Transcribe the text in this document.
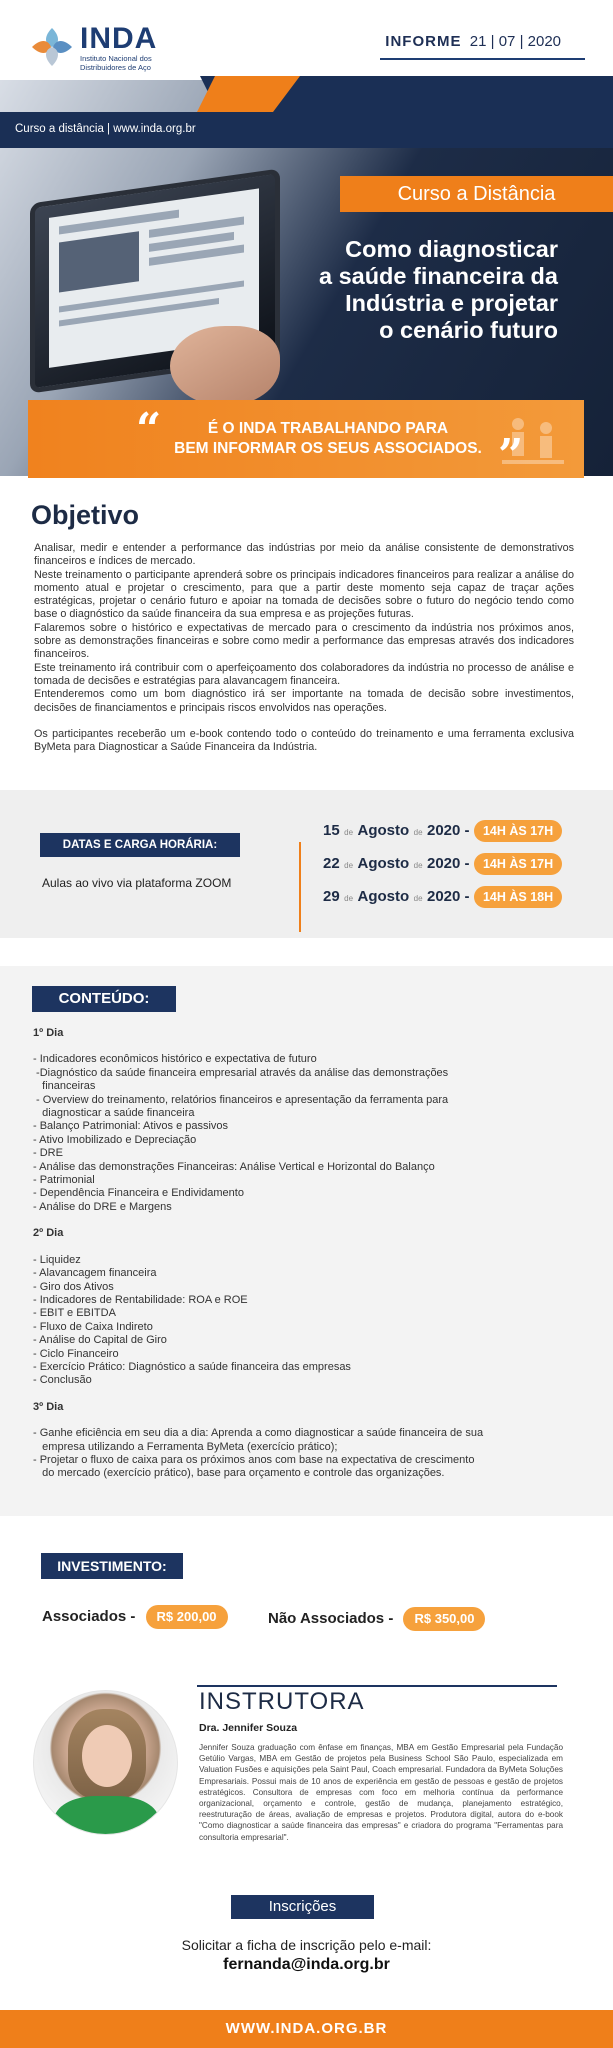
INDA
Instituto Nacional dos Distribuidores de Aço
INFORME 21 | 07 | 2020
Curso a distância | www.inda.org.br
Curso a Distância
Como diagnosticar
a saúde financeira da
Indústria e projetar
o cenário futuro
“	É O INDA TRABALHANDO PARA
BEM INFORMAR OS SEUS ASSOCIADOS. ”
Objetivo

Analisar, medir e entender a performance das indústrias por meio da análise consistente de demonstrativos financeiros e índices de mercado.

Neste treinamento o participante aprenderá sobre os principais indicadores financeiros para realizar a análise do momento atual e projetar o crescimento, para que a partir deste momento seja capaz de traçar ações estratégicas, projetar o cenário futuro e apoiar na tomada de decisões sobre o futuro do negócio tendo como base o diagnóstico da saúde financeira da sua empresa e as projeções futuras.

Falaremos sobre o histórico e expectativas de mercado para o crescimento da indústria nos próximos anos, sobre as demonstrações financeiras e sobre como medir a performance das empresas através dos indicadores financeiros.

Este treinamento irá contribuir com o aperfeiçoamento dos colaboradores da indústria no processo de análise e tomada de decisões e estratégias para alavancagem financeira.

Entenderemos como um bom diagnóstico irá ser importante na tomada de decisão sobre investimentos, decisões de financiamentos e principais riscos envolvidos nas operações.

Os participantes receberão um e-book contendo todo o conteúdo do treinamento e uma ferramenta exclusiva ByMeta para Diagnosticar a Saúde Financeira da Indústria.

DATAS E CARGA HORÁRIA:
Aulas ao vivo via plataforma ZOOM
15 de Agosto de 2020 - 14H ÀS 17H
22 de Agosto de 2020 - 14H ÀS 17H
29 de Agosto de 2020 - 14H ÀS 18H
CONTEÚDO:
1º Dia
- Indicadores econômicos histórico e expectativa de futuro
-Diagnóstico da saúde financeira empresarial através da análise das demonstrações
financeiras
- Overview do treinamento, relatórios financeiros e apresentação da ferramenta para
diagnosticar a saúde financeira
- Balanço Patrimonial: Ativos e passivos
- Ativo Imobilizado e Depreciação
- DRE
- Análise das demonstrações Financeiras: Análise Vertical e Horizontal do Balanço
- Patrimonial
- Dependência Financeira e Endividamento
- Análise do DRE e Margens
2º Dia
- Liquidez
- Alavancagem financeira
- Giro dos Ativos
- Indicadores de Rentabilidade: ROA e ROE
- EBIT e EBITDA
- Fluxo de Caixa Indireto
- Análise do Capital de Giro
- Ciclo Financeiro
- Exercício Prático: Diagnóstico a saúde financeira das empresas
- Conclusão
3º Dia
- Ganhe eficiência em seu dia a dia: Aprenda a como diagnosticar a saúde financeira de sua
empresa utilizando a Ferramenta ByMeta (exercício prático);
- Projetar o fluxo de caixa para os próximos anos com base na expectativa de crescimento
do mercado (exercício prático), base para orçamento e controle das organizações.
INVESTIMENTO:
Associados - R$ 200,00	Não Associados - R$ 350,00
INSTRUTORA
Dra. Jennifer Souza
Jennifer Souza graduação com ênfase em finanças, MBA em Gestão Empresarial pela Fundação Getúlio Vargas, MBA em Gestão de projetos pela Business School São Paulo, especializada em Valuation Fusões e aquisições pela Saint Paul, Coach empresarial. Fundadora da ByMeta Soluções Empresariais. Possui mais de 10 anos de experiência em gestão de pessoas e gestão de projetos estratégicos. Consultora de empresas com foco em melhoria contínua da performance organizacional, orçamento e controle, gestão de mudança, planejamento estratégico, reestruturação de áreas, avaliação de empresas e projetos. Produtora digital, autora do e-book "Como diagnosticar a saúde financeira das empresas" e criadora do programa "Ferramentas para consultoria empresarial".
Inscrições
Solicitar a ficha de inscrição pelo e-mail:
fernanda@inda.org.br
WWW.INDA.ORG.BR
